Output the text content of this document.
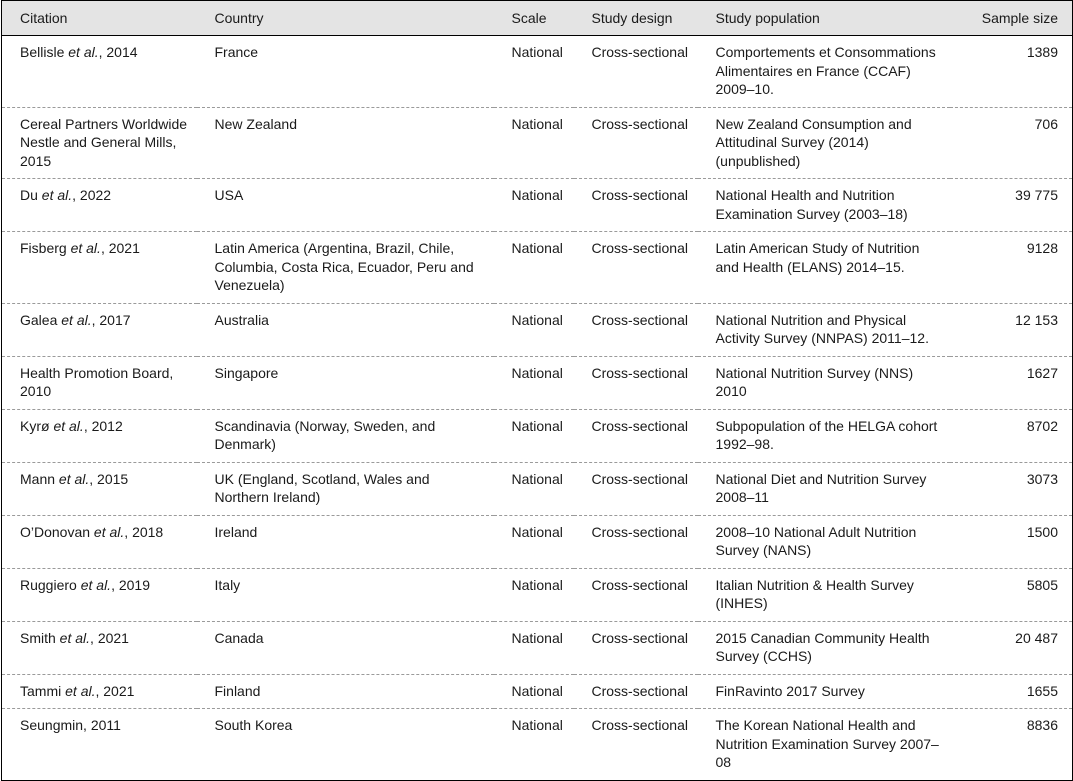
Citation	Country	Scale	Study design	Study population	Sample size
Bellisle et al., 2014	France	National	Cross-sectional	Comportements et Consommations Alimentaires en France (CCAF) 2009–10.	1389
Cereal Partners Worldwide Nestle and General Mills, 2015	New Zealand	National	Cross-sectional	New Zealand Consumption and Attitudinal Survey (2014) (unpublished)	706
Du et al., 2022	USA	National	Cross-sectional	National Health and Nutrition Examination Survey (2003–18)	39 775
Fisberg et al., 2021	Latin America (Argentina, Brazil, Chile, Columbia, Costa Rica, Ecuador, Peru and Venezuela)	National	Cross-sectional	Latin American Study of Nutrition and Health (ELANS) 2014–15.	9128
Galea et al., 2017	Australia	National	Cross-sectional	National Nutrition and Physical Activity Survey (NNPAS) 2011–12.	12 153
Health Promotion Board, 2010	Singapore	National	Cross-sectional	National Nutrition Survey (NNS) 2010	1627
Kyrø et al., 2012	Scandinavia (Norway, Sweden, and Denmark)	National	Cross-sectional	Subpopulation of the HELGA cohort 1992–98.	8702
Mann et al., 2015	UK (England, Scotland, Wales and Northern Ireland)	National	Cross-sectional	National Diet and Nutrition Survey 2008–11	3073
O’Donovan et al., 2018	Ireland	National	Cross-sectional	2008–10 National Adult Nutrition Survey (NANS)	1500
Ruggiero et al., 2019	Italy	National	Cross-sectional	Italian Nutrition & Health Survey (INHES)	5805
Smith et al., 2021	Canada	National	Cross-sectional	2015 Canadian Community Health Survey (CCHS)	20 487
Tammi et al., 2021	Finland	National	Cross-sectional	FinRavinto 2017 Survey	1655
Seungmin, 2011	South Korea	National	Cross-sectional	The Korean National Health and Nutrition Examination Survey 2007–08	8836
